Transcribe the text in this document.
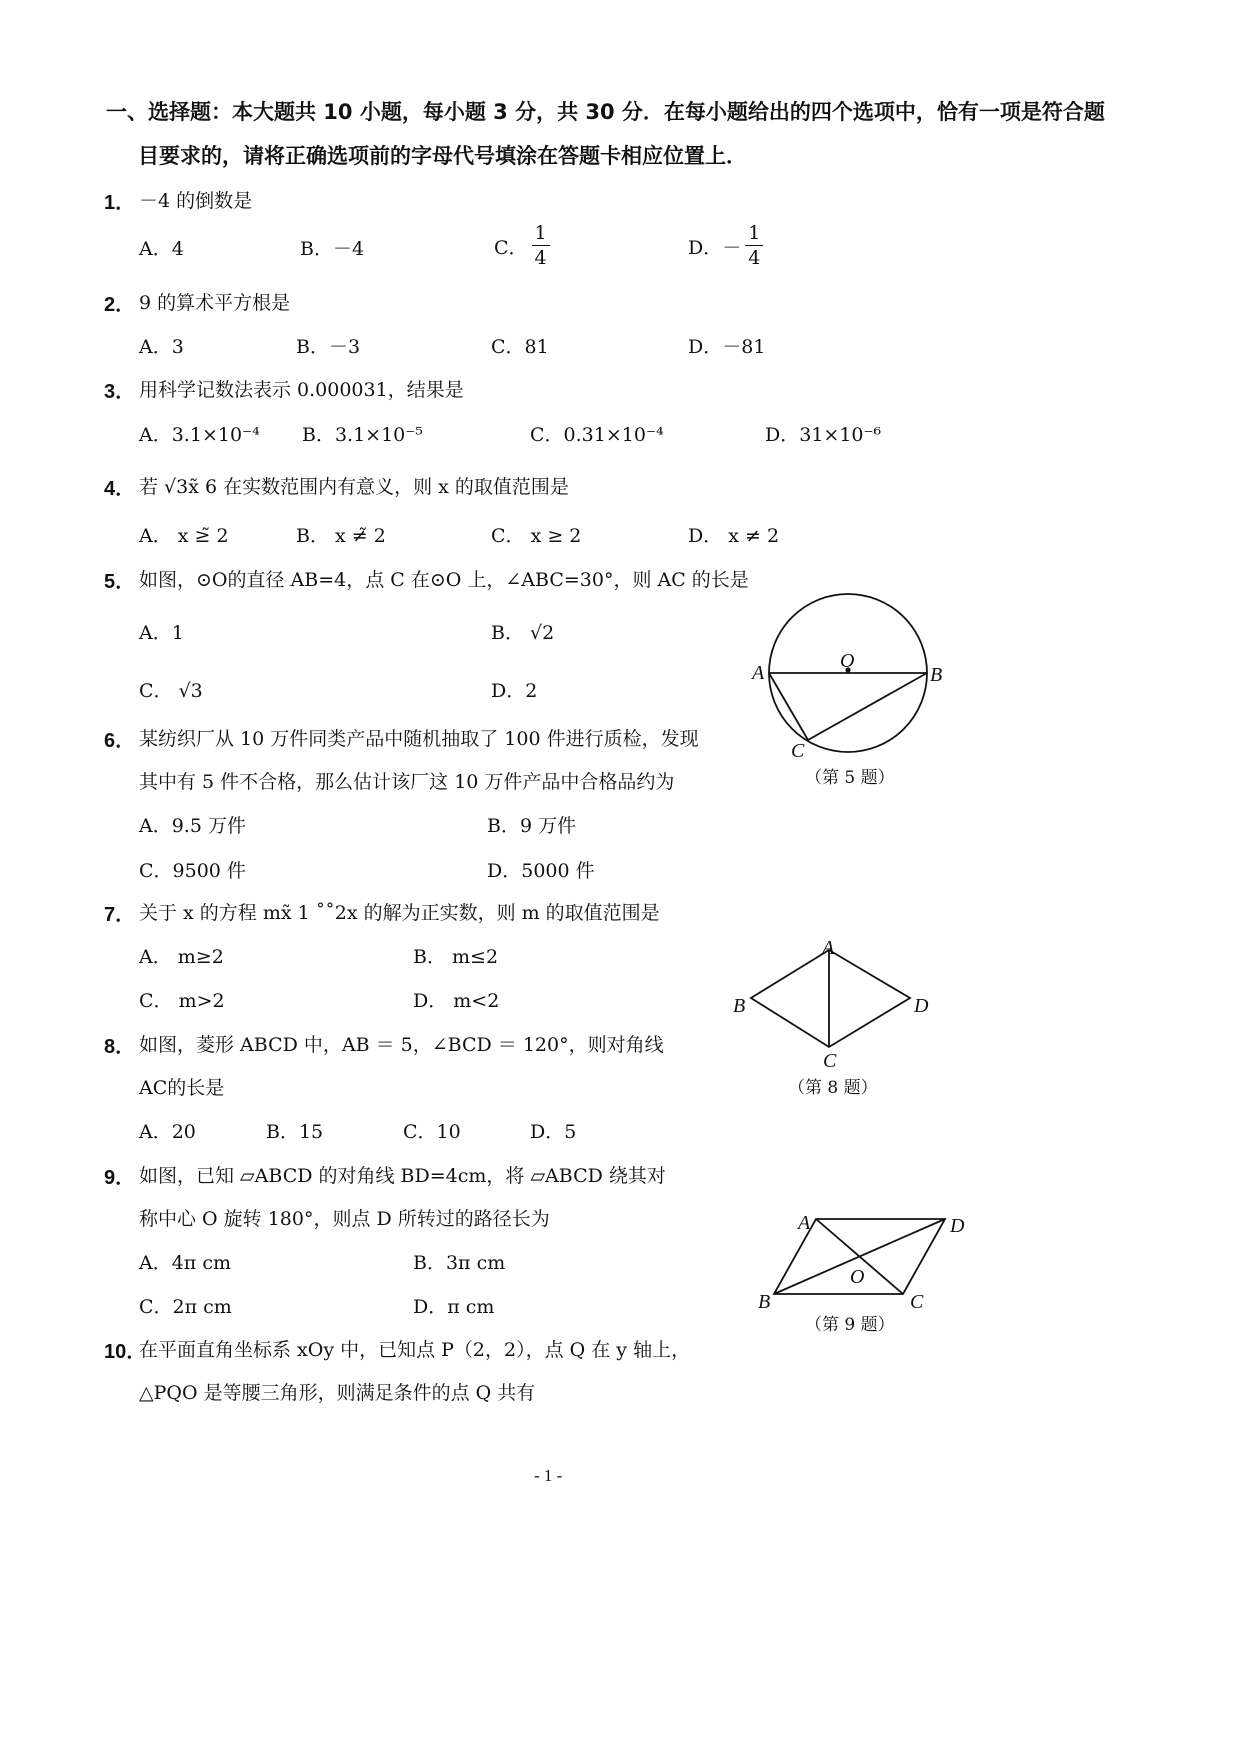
一、选择题：本大题共 10 小题，每小题 3 分，共 30 分．在每小题给出的四个选项中，恰有一项是符合题
目要求的，请将正确选项前的字母代号填涂在答题卡相应位置上．
1． －4 的倒数是
A．4	B．－4	C． $\frac{1}{4}$	D．－ $\frac{1}{4}$
2． 9 的算术平方根是
A．3	B．－3	C．81	D．－81
3． 用科学记数法表示 0.000031，结果是
A．3.1×10⁻⁴ B．3.1×10⁻⁵	C．0.31×10⁻⁴	D．31×10⁻⁶
4． 若 √3x̃ 6 在实数范围内有意义，则 x 的取值范围是
A． x ≥̃ 2	B． x ≠̃ 2	C． x ≥ 2	D． x ≠ 2
5． 如图，⊙O的直径 AB=4，点 C 在⊙O 上，∠ABC=30°，则 AC 的长是
A．1	B． √2
C． √3	D．2
A
O
B
C
（第 5 题）
6． 某纺织厂从 10 万件同类产品中随机抽取了 100 件进行质检，发现
其中有 5 件不合格，那么估计该厂这 10 万件产品中合格品约为
A．9.5 万件	B．9 万件
C．9500 件	D．5000 件
7． 关于 x 的方程 mx̃ 1 ˚˚2x 的解为正实数，则 m 的取值范围是
A． m≥2	B． m≤2
C． m>2	D． m<2
A
B	D
C
（第 8 题）
8． 如图，菱形 ABCD 中，AB ＝ 5，∠BCD ＝ 120°，则对角线
AC的长是
A．20	B．15	C．10	D．5
9． 如图，已知 ▱ABCD 的对角线 BD=4cm，将 ▱ABCD 绕其对
称中心 O 旋转 180°，则点 D 所转过的路径长为
A．4π cm	B．3π cm
C．2π cm	D．π cm
A	D
O
B	C
（第 9 题）
10．
在平面直角坐标系 xOy 中，已知点 P（2，2），点 Q 在 y 轴上，
△PQO 是等腰三角形，则满足条件的点 Q 共有
- 1 -
